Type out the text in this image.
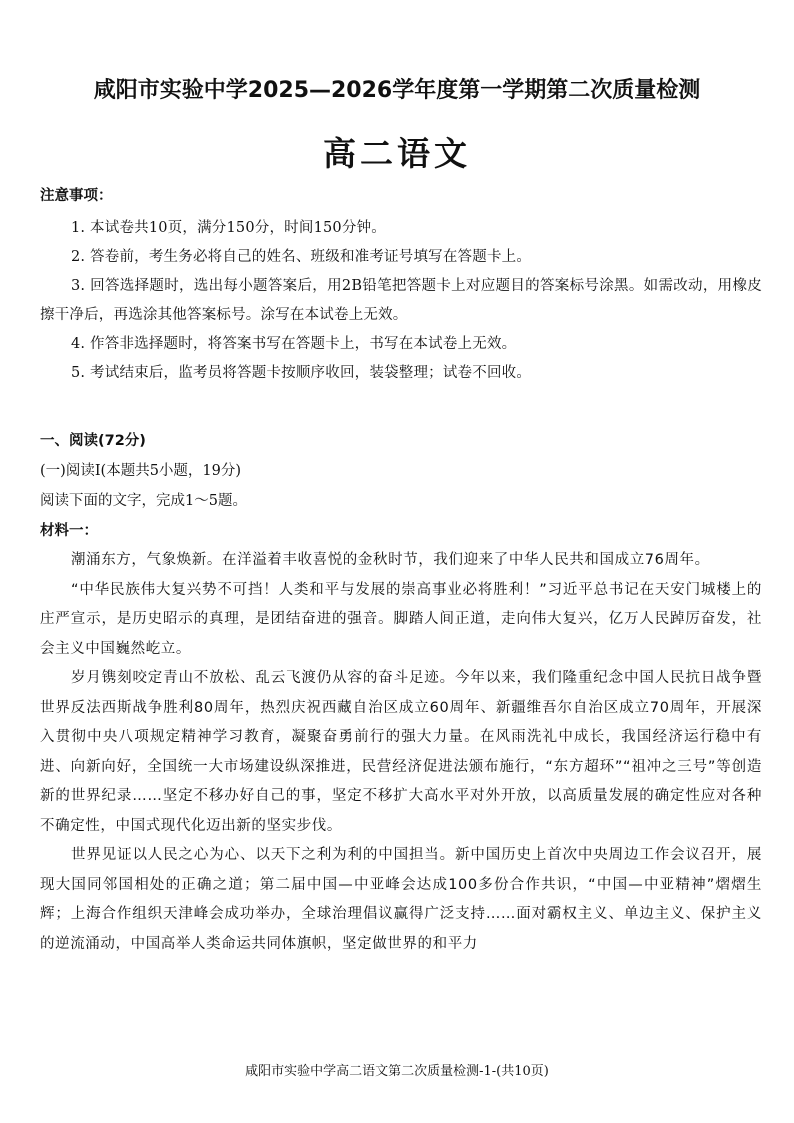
咸阳市实验中学2025—2026学年度第一学期第二次质量检测
高二语文

注意事项：

1. 本试卷共10页，满分150分，时间150分钟。

2. 答卷前，考生务必将自己的姓名、班级和准考证号填写在答题卡上。

3. 回答选择题时，选出每小题答案后，用2B铅笔把答题卡上对应题目的答案标号涂黑。如需改动，用橡皮擦干净后，再选涂其他答案标号。涂写在本试卷上无效。

4. 作答非选择题时，将答案书写在答题卡上，书写在本试卷上无效。

5. 考试结束后，监考员将答题卡按顺序收回，装袋整理；试卷不回收。

一、阅读(72分)

(一)阅读Ⅰ(本题共5小题，19分)

阅读下面的文字，完成1～5题。

材料一：

潮涌东方，气象焕新。在洋溢着丰收喜悦的金秋时节，我们迎来了中华人民共和国成立76周年。

“中华民族伟大复兴势不可挡！人类和平与发展的崇高事业必将胜利！”习近平总书记在天安门城楼上的庄严宣示，是历史昭示的真理，是团结奋进的强音。脚踏人间正道，走向伟大复兴，亿万人民踔厉奋发，社会主义中国巍然屹立。

岁月镌刻咬定青山不放松、乱云飞渡仍从容的奋斗足迹。今年以来，我们隆重纪念中国人民抗日战争暨世界反法西斯战争胜利80周年，热烈庆祝西藏自治区成立60周年、新疆维吾尔自治区成立70周年，开展深入贯彻中央八项规定精神学习教育，凝聚奋勇前行的强大力量。在风雨洗礼中成长，我国经济运行稳中有进、向新向好，全国统一大市场建设纵深推进，民营经济促进法颁布施行，“东方超环”“祖冲之三号”等创造新的世界纪录……坚定不移办好自己的事，坚定不移扩大高水平对外开放，以高质量发展的确定性应对各种不确定性，中国式现代化迈出新的坚实步伐。

世界见证以人民之心为心、以天下之利为利的中国担当。新中国历史上首次中央周边工作会议召开，展现大国同邻国相处的正确之道；第二届中国—中亚峰会达成100多份合作共识，“中国—中亚精神”熠熠生辉；上海合作组织天津峰会成功举办，全球治理倡议赢得广泛支持……面对霸权主义、单边主义、保护主义的逆流涌动，中国高举人类命运共同体旗帜，坚定做世界的和平力

咸阳市实验中学高二语文第二次质量检测-1-(共10页)
